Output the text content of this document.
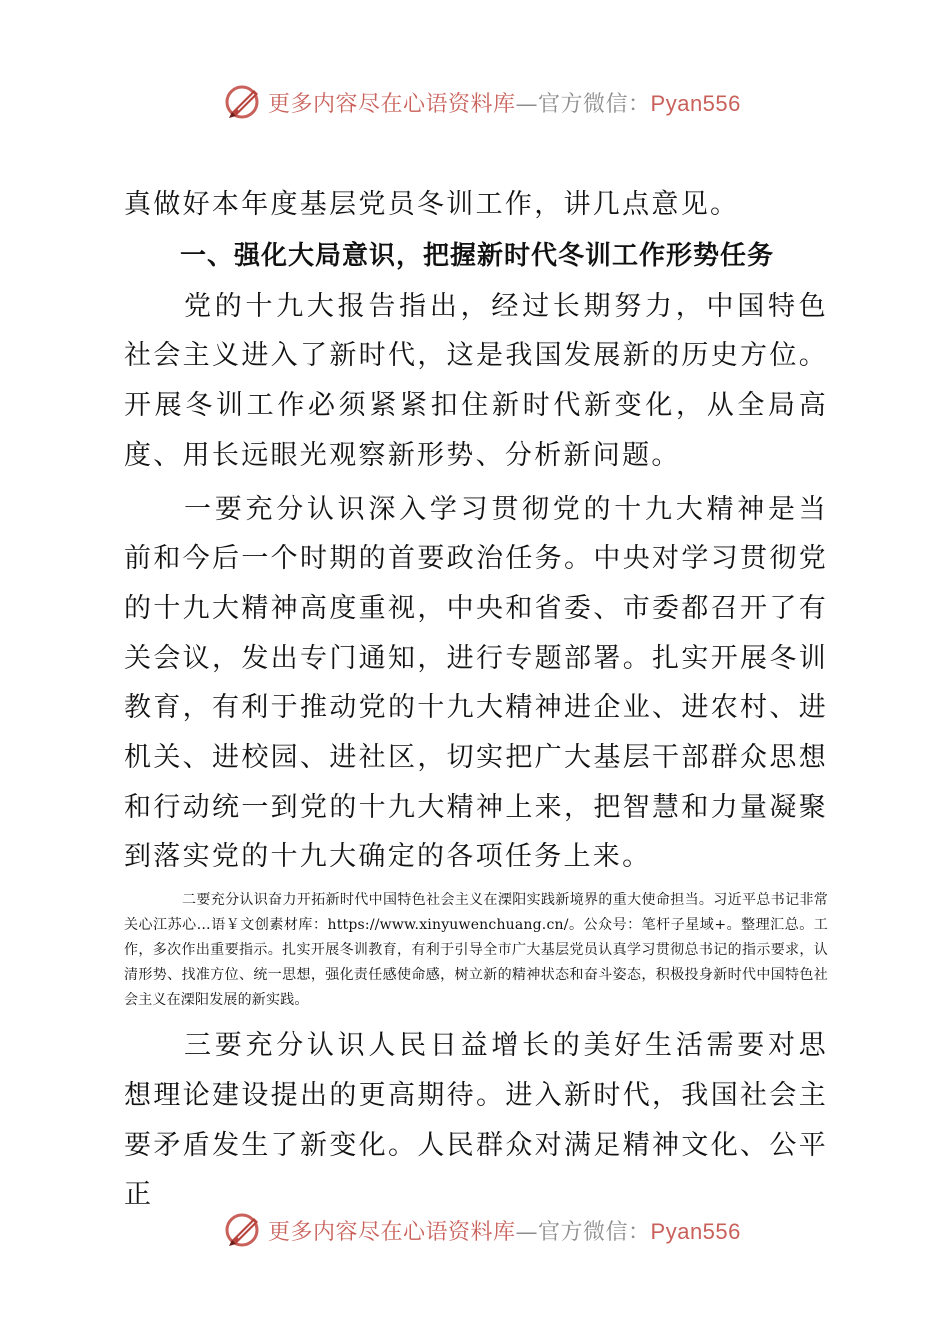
更多内容尽在心语资料库—官方微信：Pyan556

真做好本年度基层党员冬训工作，讲几点意见。

一、强化大局意识，把握新时代冬训工作形势任务

党的十九大报告指出，经过长期努力，中国特色社会主义进入了新时代，这是我国发展新的历史方位。开展冬训工作必须紧紧扣住新时代新变化，从全局高度、用长远眼光观察新形势、分析新问题。

一要充分认识深入学习贯彻党的十九大精神是当前和今后一个时期的首要政治任务。中央对学习贯彻党的十九大精神高度重视，中央和省委、市委都召开了有关会议，发出专门通知，进行专题部署。扎实开展冬训教育，有利于推动党的十九大精神进企业、进农村、进机关、进校园、进社区，切实把广大基层干部群众思想和行动统一到党的十九大精神上来，把智慧和力量凝聚到落实党的十九大确定的各项任务上来。

二要充分认识奋力开拓新时代中国特色社会主义在溧阳实践新境界的重大使命担当。习近平总书记非常关心江苏心…语￥文创素材库：https://www.xinyuwenchuang.cn/。公众号：笔杆子星域+。整理汇总。工作，多次作出重要指示。扎实开展冬训教育，有利于引导全市广大基层党员认真学习贯彻总书记的指示要求，认清形势、找准方位、统一思想，强化责任感使命感，树立新的精神状态和奋斗姿态，积极投身新时代中国特色社会主义在溧阳发展的新实践。

三要充分认识人民日益增长的美好生活需要对思想理论建设提出的更高期待。进入新时代，我国社会主要矛盾发生了新变化。人民群众对满足精神文化、公平正

更多内容尽在心语资料库—官方微信：Pyan556
